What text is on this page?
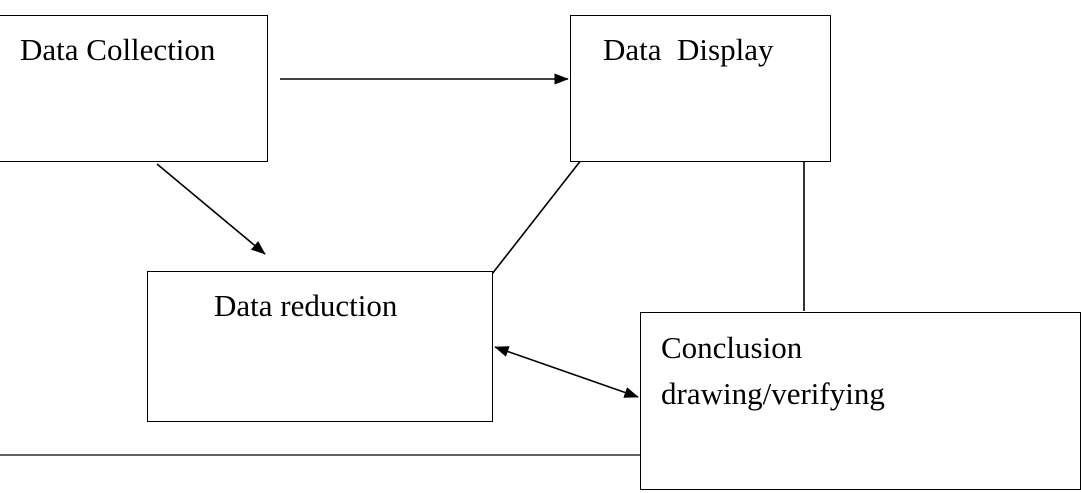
Data Collection	Data  Display
Data reduction
Conclusion
drawing/verifying
